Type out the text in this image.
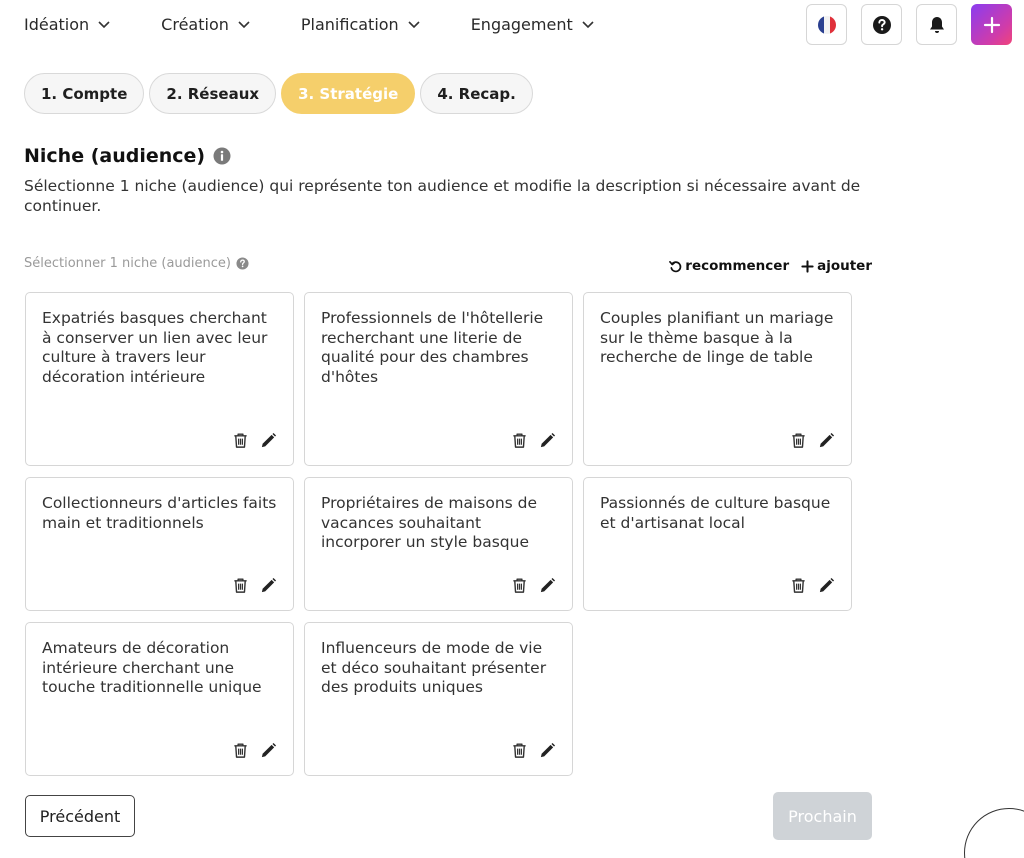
Idéation	Création	Planification	Engagement
1. Compte	2. Réseaux	3. Stratégie	4. Recap.
Niche (audience)
Sélectionne 1 niche (audience) qui représente ton audience et modifie la description si nécessaire avant de continuer.
Sélectionner 1 niche (audience)	recommencer ajouter
Expatriés basques cherchant à conserver un lien avec leur culture à travers leur décoration intérieure
Professionnels de l'hôtellerie recherchant une literie de qualité pour des chambres d'hôtes
Couples planifiant un mariage sur le thème basque à la recherche de linge de table
Collectionneurs d'articles faits main et traditionnels
Propriétaires de maisons de vacances souhaitant incorporer un style basque
Passionnés de culture basque et d'artisanat local
Amateurs de décoration intérieure cherchant une touche traditionnelle unique
Influenceurs de mode de vie et déco souhaitant présenter des produits uniques
Précédent	Prochain
